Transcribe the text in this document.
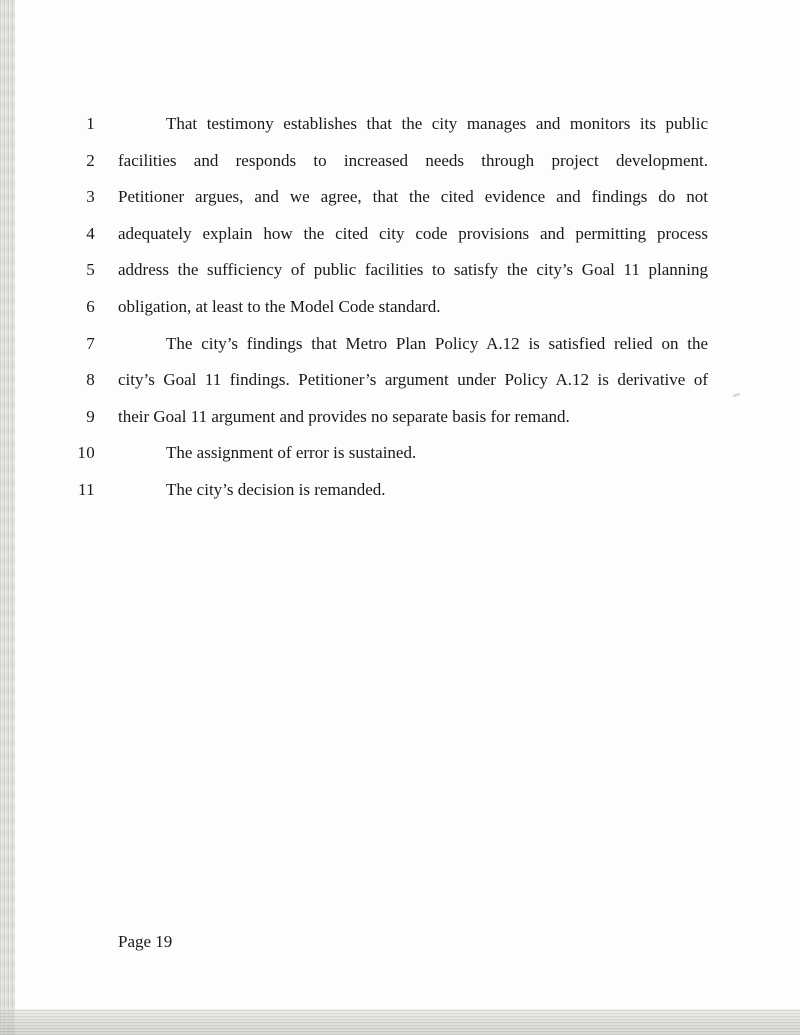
1	That testimony establishes that the city manages and monitors its public
2 facilities and responds to increased needs through project development.
3 Petitioner argues, and we agree, that the cited evidence and findings do not
4 adequately explain how the cited city code provisions and permitting process
5 address the sufficiency of public facilities to satisfy the city’s Goal 11 planning
6 obligation, at least to the Model Code standard.
7	The city’s findings that Metro Plan Policy A.12 is satisfied relied on the
8 city’s Goal 11 findings. Petitioner’s argument under Policy A.12 is derivative of
9 their Goal 11 argument and provides no separate basis for remand.
10	The assignment of error is sustained.
11	The city’s decision is remanded.
Page 19
